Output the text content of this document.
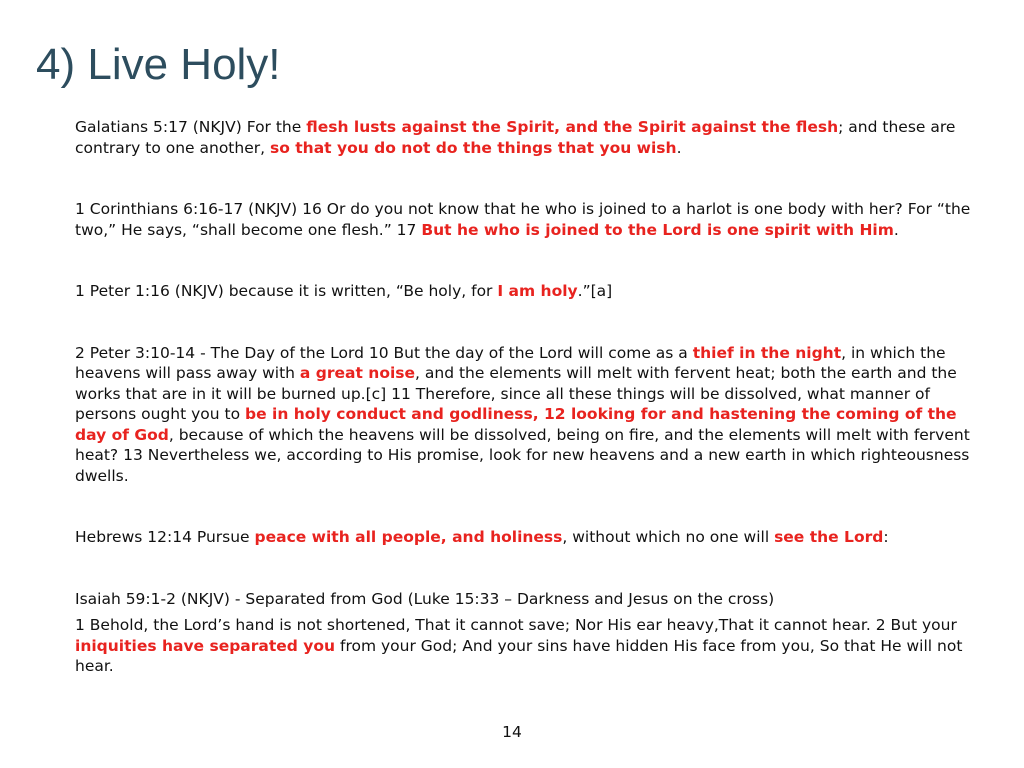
4) Live Holy!

Galatians 5:17 (NKJV) For the flesh lusts against the Spirit, and the Spirit against the flesh; and these are contrary to one another, so that you do not do the things that you wish.

1 Corinthians 6:16-17 (NKJV) 16 Or do you not know that he who is joined to a harlot is one body with her? For “the two,” He says, “shall become one flesh.” 17 But he who is joined to the Lord is one spirit with Him.

1 Peter 1:16 (NKJV) because it is written, “Be holy, for I am holy.”[a]

2 Peter 3:10-14 - The Day of the Lord 10 But the day of the Lord will come as a thief in the night, in which the heavens will pass away with a great noise, and the elements will melt with fervent heat; both the earth and the works that are in it will be burned up.[c] 11 Therefore, since all these things will be dissolved, what manner of persons ought you to be in holy conduct and godliness, 12 looking for and hastening the coming of the day of God, because of which the heavens will be dissolved, being on fire, and the elements will melt with fervent heat? 13 Nevertheless we, according to His promise, look for new heavens and a new earth in which righteousness dwells.

Hebrews 12:14 Pursue peace with all people, and holiness, without which no one will see the Lord:

Isaiah 59:1-2 (NKJV) - Separated from God (Luke 15:33 – Darkness and Jesus on the cross)

1 Behold, the Lord’s hand is not shortened, That it cannot save; Nor His ear heavy,That it cannot hear. 2 But your iniquities have separated you from your God; And your sins have hidden His face from you, So that He will not hear.

14
